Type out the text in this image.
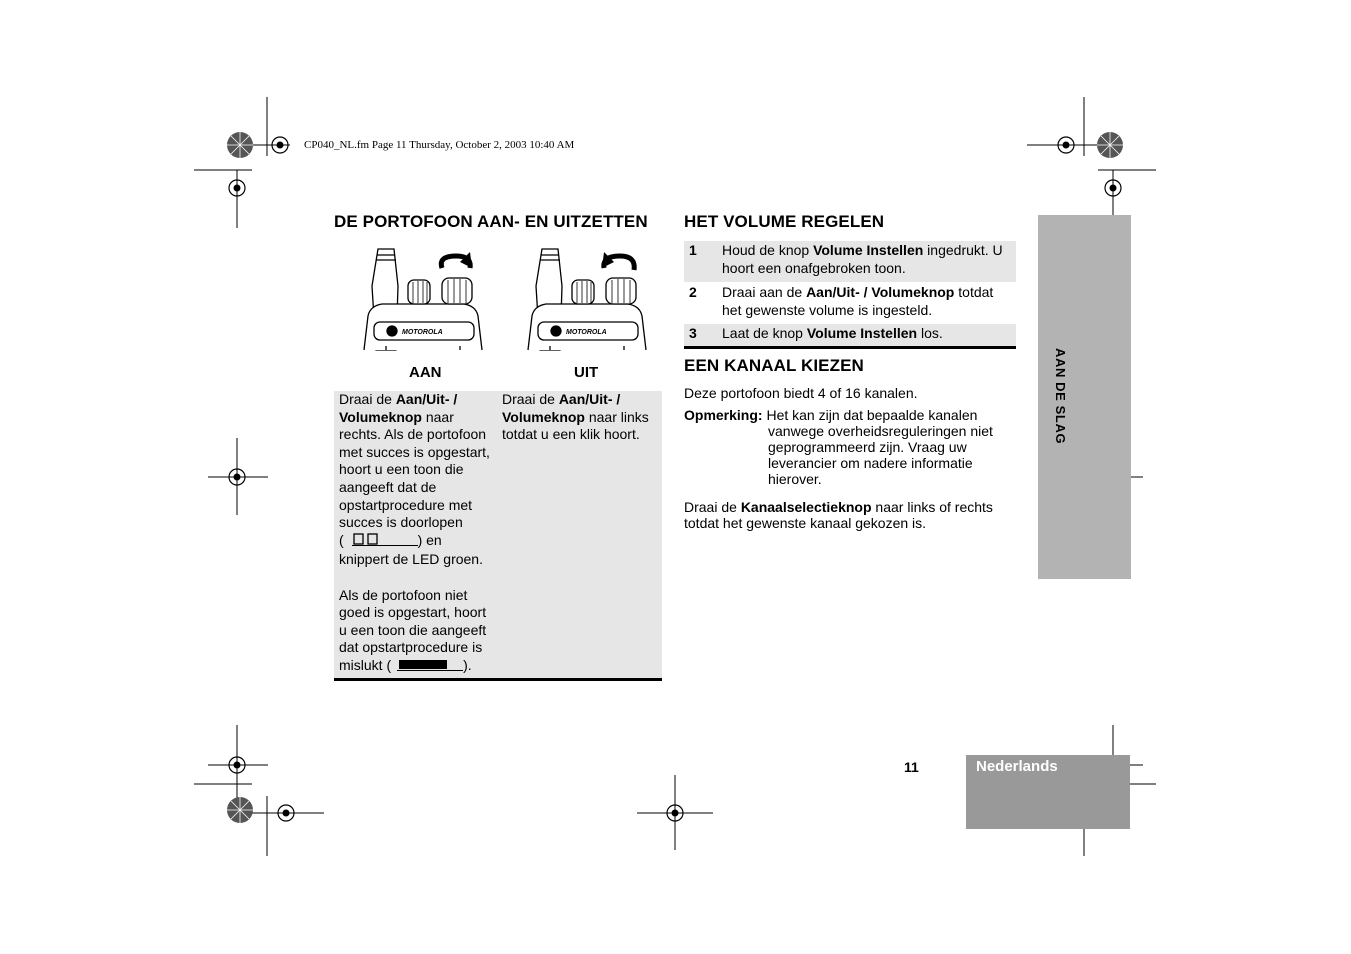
CP040_NL.fm Page 11 Thursday, October 2, 2003 10:40 AM
AAN DE SLAG
DE PORTOFOON AAN- EN UITZETTEN
MOTOROLA	MOTOROLA
AAN	UIT
Draai de Aan/Uit- / Volumeknop naar rechts. Als de portofoon met succes is opgestart, hoort u een toon die aangeeft dat de opstartprocedure met succes is doorlopen
(	) en knippert de LED groen.
Als de portofoon niet goed is opgestart, hoort u een toon die aangeeft dat opstartprocedure is mislukt (	).
Draai de Aan/Uit- / Volumeknop naar links totdat u een klik hoort.
HET VOLUME REGELEN
1 Houd de knop Volume Instellen ingedrukt. U hoort een onafgebroken toon.
2 Draai aan de Aan/Uit- / Volumeknop totdat het gewenste volume is ingesteld.
3 Laat de knop Volume Instellen los.
EEN KANAAL KIEZEN
Deze portofoon biedt 4 of 16 kanalen.
Opmerking: Het kan zijn dat bepaalde kanalen
vanwege overheidsreguleringen niet geprogrammeerd zijn. Vraag uw leverancier om nadere informatie hierover.
Draai de Kanaalselectieknop naar links of rechts totdat het gewenste kanaal gekozen is.
11	Nederlands
